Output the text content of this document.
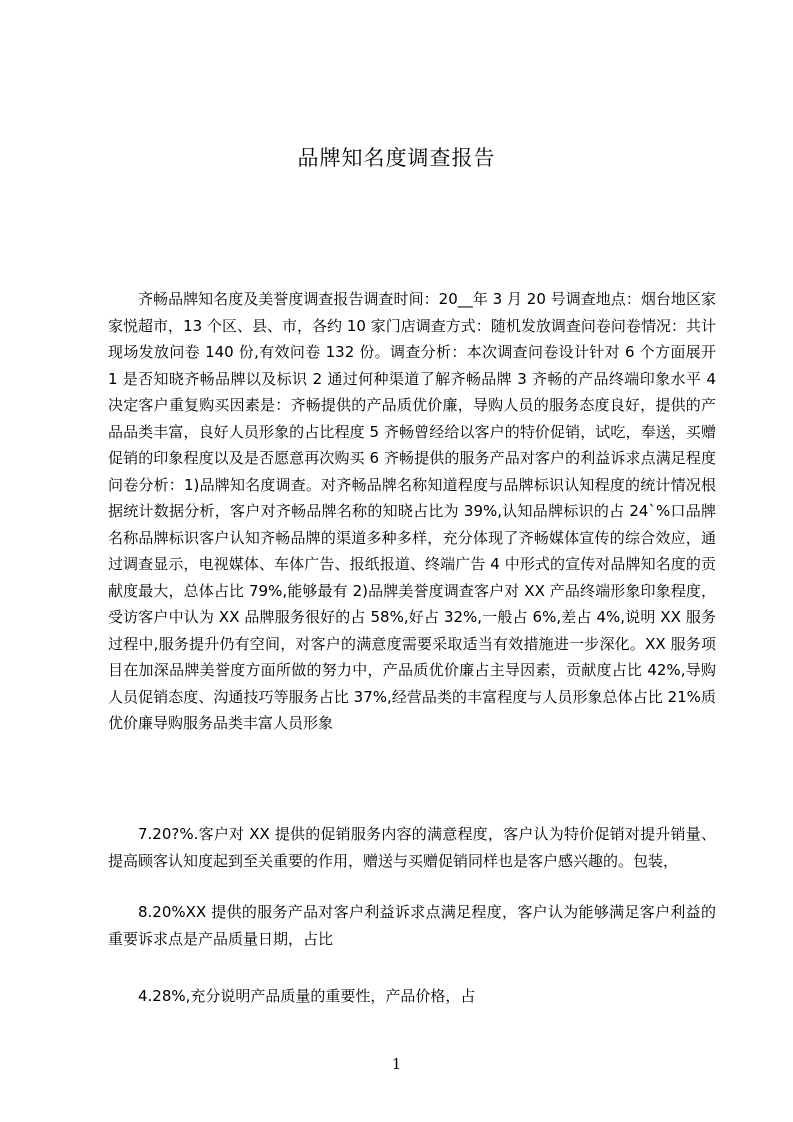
品牌知名度调查报告

齐畅品牌知名度及美誉度调查报告调查时间：20__年 3 月 20 号调查地点：烟台地区家家悦超市，13 个区、县、市，各约 10 家门店调查方式：随机发放调查问卷问卷情况：共计现场发放问卷 140 份,有效问卷 132 份。调查分析：本次调查问卷设计针对 6 个方面展开 1 是否知晓齐畅品牌以及标识 2 通过何种渠道了解齐畅品牌 3 齐畅的产品终端印象水平 4 决定客户重复购买因素是：齐畅提供的产品质优价廉，导购人员的服务态度良好，提供的产品品类丰富，良好人员形象的占比程度 5 齐畅曾经给以客户的特价促销，试吃，奉送，买赠促销的印象程度以及是否愿意再次购买 6 齐畅提供的服务产品对客户的利益诉求点满足程度问卷分析：1)品牌知名度调查。对齐畅品牌名称知道程度与品牌标识认知程度的统计情况根据统计数据分析，客户对齐畅品牌名称的知晓占比为 39%,认知品牌标识的占 24`%口品牌名称品牌标识客户认知齐畅品牌的渠道多种多样，充分体现了齐畅媒体宣传的综合效应，通过调查显示，电视媒体、车体广告、报纸报道、终端广告 4 中形式的宣传对品牌知名度的贡献度最大，总体占比 79%,能够最有 2)品牌美誉度调查客户对 XX 产品终端形象印象程度，受访客户中认为 XX 品牌服务很好的占 58%,好占 32%,一般占 6%,差占 4%,说明 XX 服务过程中,服务提升仍有空间，对客户的满意度需要采取适当有效措施进一步深化。XX 服务项目在加深品牌美誉度方面所做的努力中，产品质优价廉占主导因素，贡献度占比 42%,导购人员促销态度、沟通技巧等服务占比 37%,经营品类的丰富程度与人员形象总体占比 21%质优价廉导购服务品类丰富人员形象

7.20?%.客户对 XX 提供的促销服务内容的满意程度，客户认为特价促销对提升销量、提高顾客认知度起到至关重要的作用，赠送与买赠促销同样也是客户感兴趣的。包装，

8.20%XX 提供的服务产品对客户利益诉求点满足程度，客户认为能够满足客户利益的重要诉求点是产品质量日期，占比

4.28%,充分说明产品质量的重要性，产品价格，占

1
